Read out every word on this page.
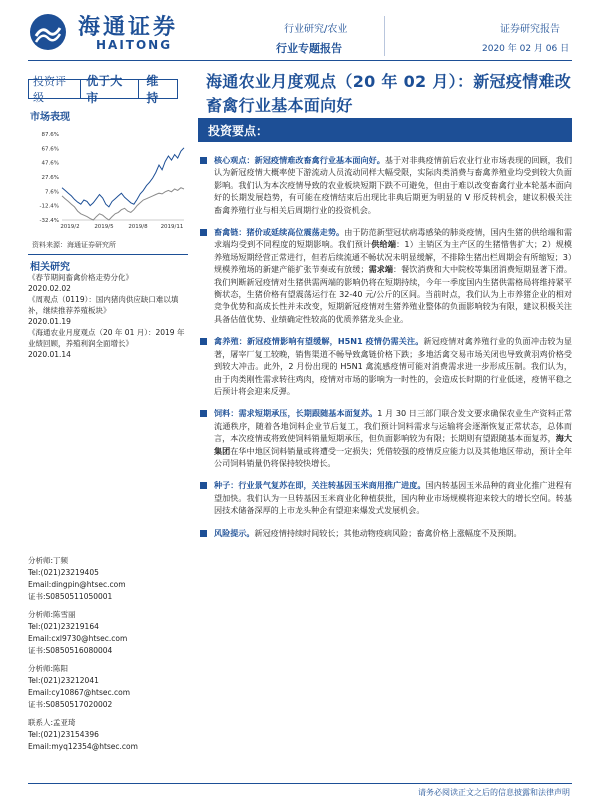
海通证券
HAITONG
行业研究/农业
行业专题报告
证券研究报告
2020 年 02 月 06 日
投资评级
优于大市
维持
市场表现
87.6%
67.6%
47.6%
27.6%
7.6%
-12.4%
-32.4%
2019/2	2019/5	2019/8 2019/11
资料来源：海通证券研究所
相关研究
《春节期间畜禽价格走势分化》
2020.02.02
《周观点（0119）：国内猪肉供应缺口难以填补，继续推荐养殖板块》
2020.01.19
《海通农业月度观点（20 年 01 月）：2019 年业绩回顾，养殖利润全面增长》
2020.01.14
分析师:丁频
Tel:(021)23219405
Email:dingpin@htsec.com
证书:S0850511050001
分析师:陈雪丽
Tel:(021)23219164
Email:cxl9730@htsec.com
证书:S0850516080004
分析师:陈阳
Tel:(021)23212041
Email:cy10867@htsec.com
证书:S0850517020002
联系人:孟亚琦
Tel:(021)23154396
Email:myq12354@htsec.com
海通农业月度观点（20 年 02 月）：新冠疫情难改畜禽行业基本面向好
投资要点：
核心观点：新冠疫情难改畜禽行业基本面向好。基于对非典疫情前后农业行业市场表现的回顾，我们认为新冠疫情大概率使下游流动人员流动同样大幅受限，实际肉类消费与畜禽养殖业均受到较大负面影响。我们认为本次疫情导致的农业板块短期下跌不可避免，但由于难以改变畜禽行业本轮基本面向好的长期发展趋势，有可能在疫情结束后出现比非典后期更为明显的 V 形反转机会，建议积极关注畜禽养殖行业与相关后周期行业的投资机会。
畜禽链：猪价或延续高位震荡走势。由于防范新型冠状病毒感染的肺炎疫情，国内生猪的供给端和需求端均受到不同程度的短期影响。我们预计供给端：1）主销区为主产区的生猪惜售扩大；2）规模养殖场短期经营正常进行，但若后续流通不畅状况未明显缓解，不排除生猪出栏周期会有所缩短；3）规模养殖场的新建产能扩张节奏或有放缓；需求端：餐饮消费和大中院校等集团消费短期显著下滑。我们判断新冠疫情对生猪供需两端的影响仍将在短期持续，今年一季度国内生猪供需格局将维持紧平衡状态，生猪价格有望震荡运行在 32-40 元/公斤的区间。当前时点，我们认为上市养猪企业的相对竞争优势和高成长性并未改变，短期新冠疫情对生猪养殖业整体的负面影响较为有限，建议积极关注具备估值优势、业绩确定性较高的优质养猪龙头企业。
禽养殖：新冠疫情影响有望缓解，H5N1 疫情仍需关注。新冠疫情对禽养殖行业的负面冲击较为显著，屠宰厂复工较晚，销售渠道不畅导致禽链价格下跌；多地活禽交易市场关闭也导致黄羽鸡价格受到较大冲击。此外，2 月份出现的 H5N1 禽流感疫情可能对消费需求进一步形成压制。我们认为，由于肉类刚性需求转往鸡肉，疫情对市场的影响为一时性的，会造成长时期的行业低迷，疫情平稳之后预计将会迎来反弹。
饲料：需求短期承压，长期跟随基本面复苏。1 月 30 日三部门联合发文要求确保农业生产资料正常流通秩序，随着各地饲料企业节后复工，我们预计饲料需求与运输将会逐渐恢复正常状态，总体而言，本次疫情或将致使饲料销量短期承压，但负面影响较为有限；长期则有望跟随基本面复苏，海大集团在华中地区饲料销量或将遭受一定损失；凭借较强的疫情反应能力以及其他地区带动，预计全年公司饲料销量仍将保持较快增长。
种子：行业景气复苏在即，关注转基因玉米商用推广进度。国内转基因玉米品种的商业化推广进程有望加快。我们认为一旦转基因玉米商业化种植获批，国内种业市场规模将迎来较大的增长空间。转基因技术储备深厚的上市龙头种企有望迎来爆发式发展机会。
风险提示。新冠疫情持续时间较长；其他动物疫病风险；畜禽价格上涨幅度不及预期。
请务必阅读正文之后的信息披露和法律声明
